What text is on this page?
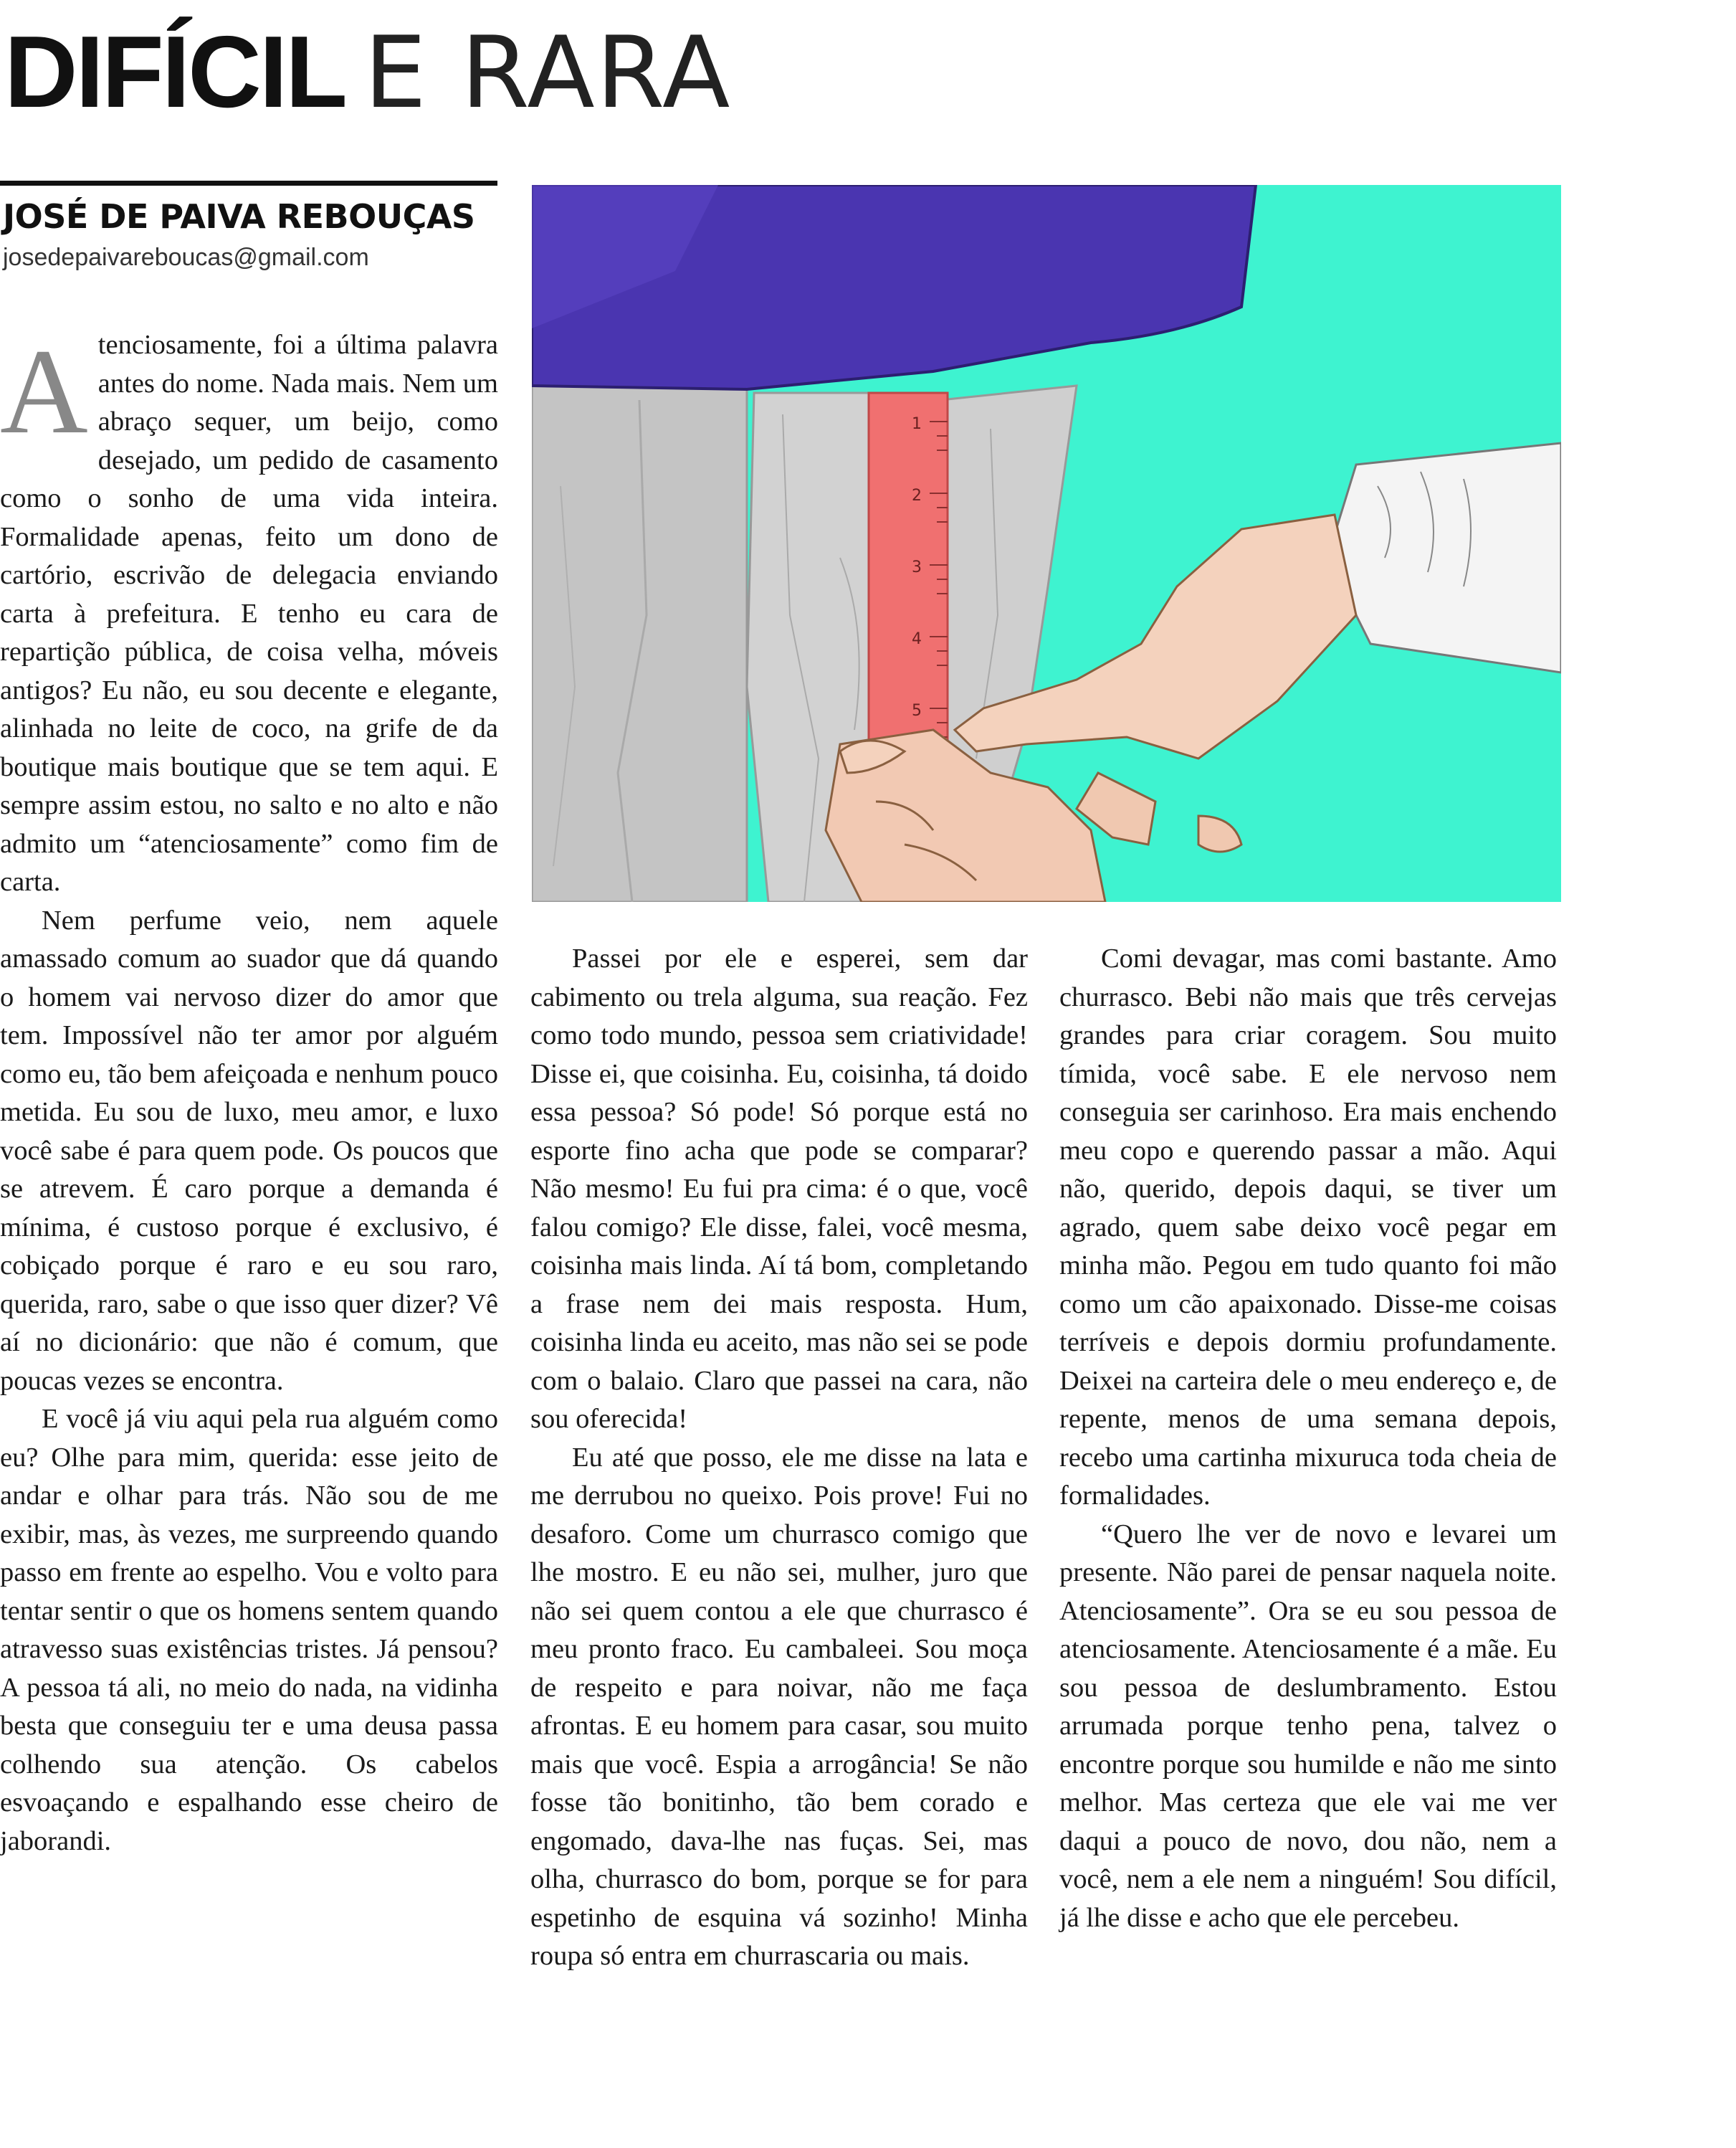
DIFÍCIL E RARA
JOSÉ DE PAIVA REBOUÇAS
josedepaivareboucas@gmail.com
1
2
3
4
5

Atenciosamente, foi a última palavra antes do nome. Nada mais. Nem um abraço sequer, um beijo, como desejado, um pedido de casamento como o sonho de uma vida inteira. Formalidade apenas, feito um dono de cartório, escrivão de delegacia enviando carta à prefeitura. E tenho eu cara de repartição pública, de coisa velha, móveis antigos? Eu não, eu sou decente e elegante, alinhada no leite de coco, na grife de da boutique mais boutique que se tem aqui. E sempre assim estou, no salto e no alto e não admito um “atenciosamente” como fim de carta.

Nem perfume veio, nem aquele amassado comum ao suador que dá quando o homem vai nervoso dizer do amor que tem. Impossível não ter amor por alguém como eu, tão bem afeiçoada e nenhum pouco metida. Eu sou de luxo, meu amor, e luxo você sabe é para quem pode. Os poucos que se atrevem. É caro porque a demanda é mínima, é custoso porque é exclusivo, é cobiçado porque é raro e eu sou raro, querida, raro, sabe o que isso quer dizer? Vê aí no dicionário: que não é comum, que poucas vezes se encontra.

E você já viu aqui pela rua alguém como eu? Olhe para mim, querida: esse jeito de andar e olhar para trás. Não sou de me exibir, mas, às vezes, me surpreendo quando passo em frente ao espelho. Vou e volto para tentar sentir o que os homens sentem quando atravesso suas existências tristes. Já pensou? A pessoa tá ali, no meio do nada, na vidinha besta que conseguiu ter e uma deusa passa colhendo sua atenção. Os cabelos esvoaçando e espalhando esse cheiro de jaborandi.

Passei por ele e esperei, sem dar cabimento ou trela alguma, sua reação. Fez como todo mundo, pessoa sem criatividade! Disse ei, que coisinha. Eu, coisinha, tá doido essa pessoa? Só pode! Só porque está no esporte fino acha que pode se comparar? Não mesmo! Eu fui pra cima: é o que, você falou comigo? Ele disse, falei, você mesma, coisinha mais linda. Aí tá bom, completando a frase nem dei mais resposta. Hum, coisinha linda eu aceito, mas não sei se pode com o balaio. Claro que passei na cara, não sou oferecida!

Eu até que posso, ele me disse na lata e me derrubou no queixo. Pois prove! Fui no desaforo. Come um churrasco comigo que lhe mostro. E eu não sei, mulher, juro que não sei quem contou a ele que churrasco é meu pronto fraco. Eu cambaleei. Sou moça de respeito e para noivar, não me faça afrontas. E eu homem para casar, sou muito mais que você. Espia a arrogância! Se não fosse tão bonitinho, tão bem corado e engomado, dava-lhe nas fuças. Sei, mas olha, churrasco do bom, porque se for para espetinho de esquina vá sozinho! Minha roupa só entra em churrascaria ou mais.

Comi devagar, mas comi bastante. Amo churrasco. Bebi não mais que três cervejas grandes para criar coragem. Sou muito tímida, você sabe. E ele nervoso nem conseguia ser carinhoso. Era mais enchendo meu copo e querendo passar a mão. Aqui não, querido, depois daqui, se tiver um agrado, quem sabe deixo você pegar em minha mão. Pegou em tudo quanto foi mão como um cão apaixonado. Disse-me coisas terríveis e depois dormiu profundamente. Deixei na carteira dele o meu endereço e, de repente, menos de uma semana depois, recebo uma cartinha mixuruca toda cheia de formalidades.

“Quero lhe ver de novo e levarei um presente. Não parei de pensar naquela noite. Atenciosamente”. Ora se eu sou pessoa de atenciosamente. Atenciosamente é a mãe. Eu sou pessoa de deslumbramento. Estou arrumada porque tenho pena, talvez o encontre porque sou humilde e não me sinto melhor. Mas certeza que ele vai me ver daqui a pouco de novo, dou não, nem a você, nem a ele nem a ninguém! Sou difícil, já lhe disse e acho que ele percebeu.
